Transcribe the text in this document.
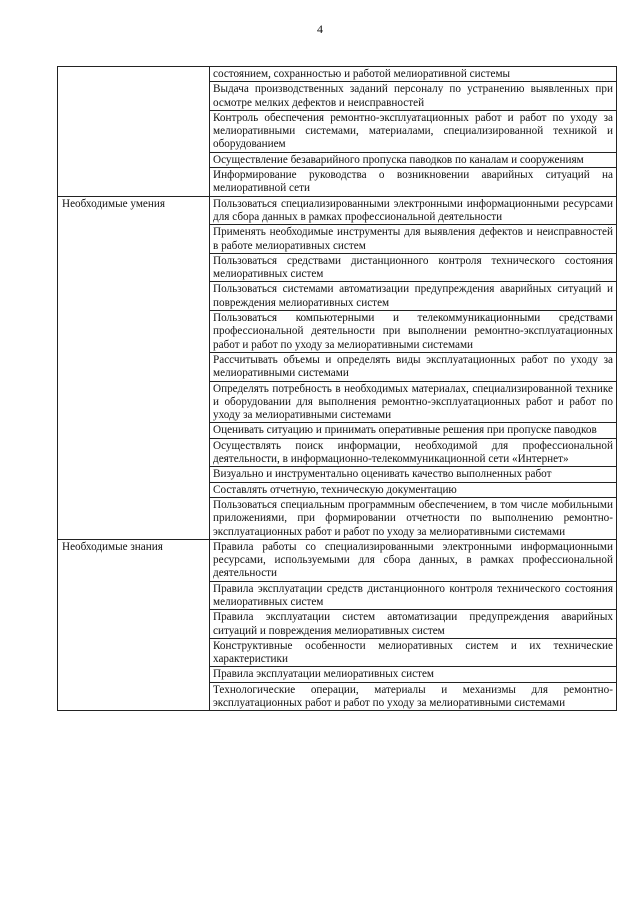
4
	состоянием, сохранностью и работой мелиоративной системы
	Выдача производственных заданий персоналу по устранению выявленных при осмотре мелких дефектов и неисправностей
	Контроль обеспечения ремонтно-эксплуатационных работ и работ по уходу за мелиоративными системами, материалами, специализированной техникой и оборудованием
	Осуществление безаварийного пропуска паводков по каналам и сооружениям
	Информирование руководства о возникновении аварийных ситуаций на мелиоративной сети
Необходимые умения	Пользоваться специализированными электронными информационными ресурсами для сбора данных в рамках профессиональной деятельности
	Применять необходимые инструменты для выявления дефектов и неисправностей в работе мелиоративных систем
	Пользоваться средствами дистанционного контроля технического состояния мелиоративных систем
	Пользоваться системами автоматизации предупреждения аварийных ситуаций и повреждения мелиоративных систем
	Пользоваться компьютерными и телекоммуникационными средствами профессиональной деятельности при выполнении ремонтно-эксплуатационных работ и работ по уходу за мелиоративными системами
	Рассчитывать объемы и определять виды эксплуатационных работ по уходу за мелиоративными системами
	Определять потребность в необходимых материалах, специализированной технике и оборудовании для выполнения ремонтно-эксплуатационных работ и работ по уходу за мелиоративными системами
	Оценивать ситуацию и принимать оперативные решения при пропуске паводков
	Осуществлять поиск информации, необходимой для профессиональной деятельности, в информационно-телекоммуникационной сети «Интернет»
	Визуально и инструментально оценивать качество выполненных работ
	Составлять отчетную, техническую документацию
	Пользоваться специальным программным обеспечением, в том числе мобильными приложениями, при формировании отчетности по выполнению ремонтно-эксплуатационных работ и работ по уходу за мелиоративными системами
Необходимые знания	Правила работы со специализированными электронными информационными ресурсами, используемыми для сбора данных, в рамках профессиональной деятельности
	Правила эксплуатации средств дистанционного контроля технического состояния мелиоративных систем
	Правила эксплуатации систем автоматизации предупреждения аварийных ситуаций и повреждения мелиоративных систем
	Конструктивные особенности мелиоративных систем и их технические характеристики
	Правила эксплуатации мелиоративных систем
	Технологические операции, материалы и механизмы для ремонтно-эксплуатационных работ и работ по уходу за мелиоративными системами
